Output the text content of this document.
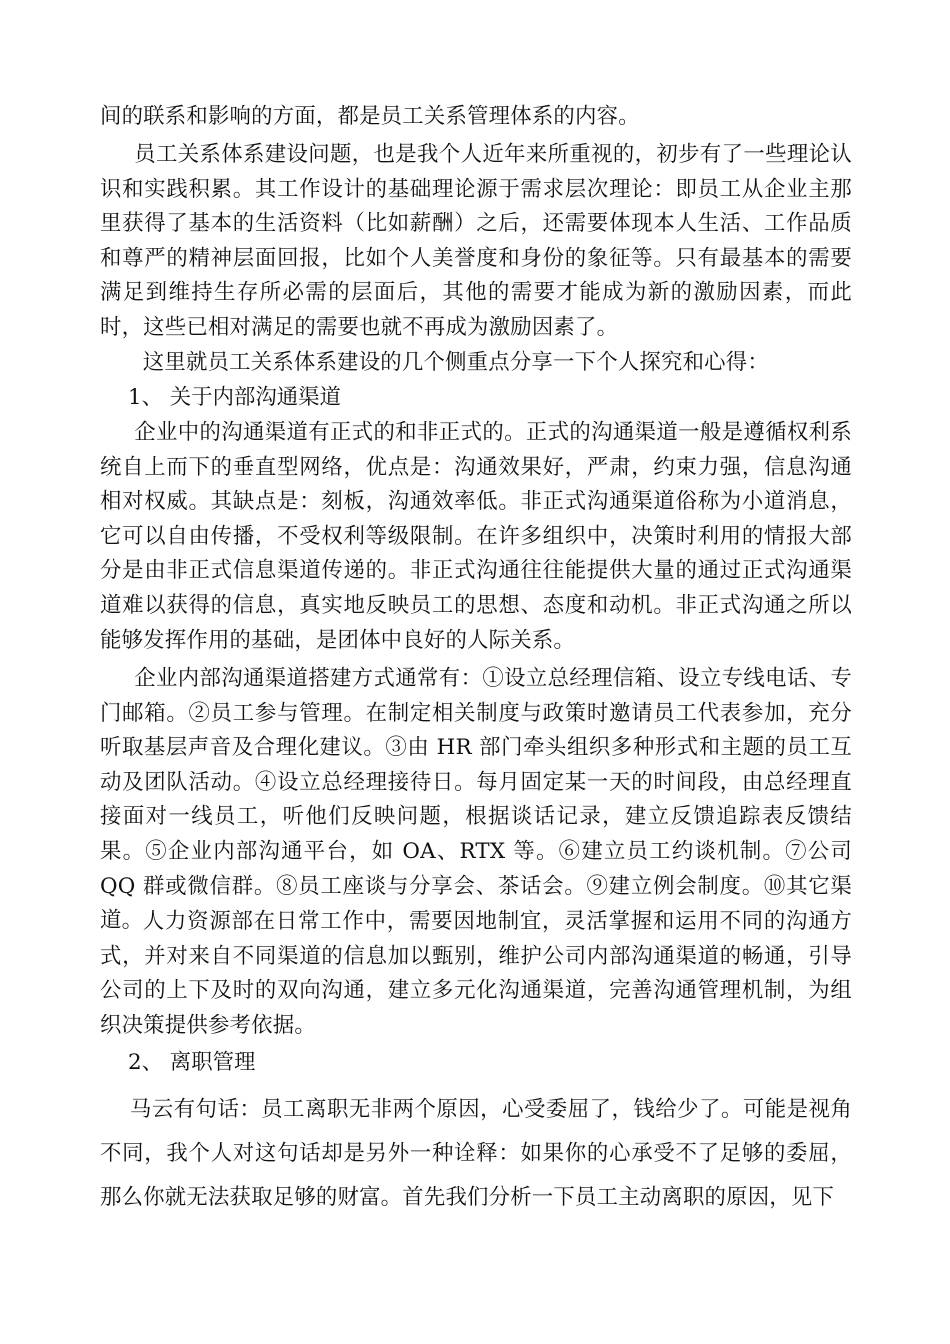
间的联系和影响的方面，都是员工关系管理体系的内容。

员工关系体系建设问题，也是我个人近年来所重视的，初步有了一些理论认识和实践积累。其工作设计的基础理论源于需求层次理论：即员工从企业主那里获得了基本的生活资料（比如薪酬）之后，还需要体现本人生活、工作品质和尊严的精神层面回报，比如个人美誉度和身份的象征等。只有最基本的需要满足到维持生存所必需的层面后，其他的需要才能成为新的激励因素，而此时，这些已相对满足的需要也就不再成为激励因素了。

这里就员工关系体系建设的几个侧重点分享一下个人探究和心得：

1、 关于内部沟通渠道

企业中的沟通渠道有正式的和非正式的。正式的沟通渠道一般是遵循权利系统自上而下的垂直型网络，优点是：沟通效果好，严肃，约束力强，信息沟通相对权威。其缺点是：刻板，沟通效率低。非正式沟通渠道俗称为小道消息，它可以自由传播，不受权利等级限制。在许多组织中，决策时利用的情报大部分是由非正式信息渠道传递的。非正式沟通往往能提供大量的通过正式沟通渠道难以获得的信息，真实地反映员工的思想、态度和动机。非正式沟通之所以能够发挥作用的基础，是团体中良好的人际关系。

企业内部沟通渠道搭建方式通常有：①设立总经理信箱、设立专线电话、专门邮箱。②员工参与管理。在制定相关制度与政策时邀请员工代表参加，充分听取基层声音及合理化建议。③由 HR 部门牵头组织多种形式和主题的员工互动及团队活动。④设立总经理接待日。每月固定某一天的时间段，由总经理直接面对一线员工，听他们反映问题，根据谈话记录，建立反馈追踪表反馈结果。⑤企业内部沟通平台，如 OA、RTX 等。⑥建立员工约谈机制。⑦公司 QQ 群或微信群。⑧员工座谈与分享会、茶话会。⑨建立例会制度。⑩其它渠道。 人力资源部在日常工作中，需要因地制宜，灵活掌握和运用不同的沟通方式，并对来自不同渠道的信息加以甄别，维护公司内部沟通渠道的畅通，引导公司的上下及时的双向沟通，建立多元化沟通渠道，完善沟通管理机制，为组织决策提供参考依据。

2、 离职管理

马云有句话：员工离职无非两个原因，心受委屈了，钱给少了。可能是视角不同，我个人对这句话却是另外一种诠释：如果你的心承受不了足够的委屈，那么你就无法获取足够的财富。首先我们分析一下员工主动离职的原因，见下
